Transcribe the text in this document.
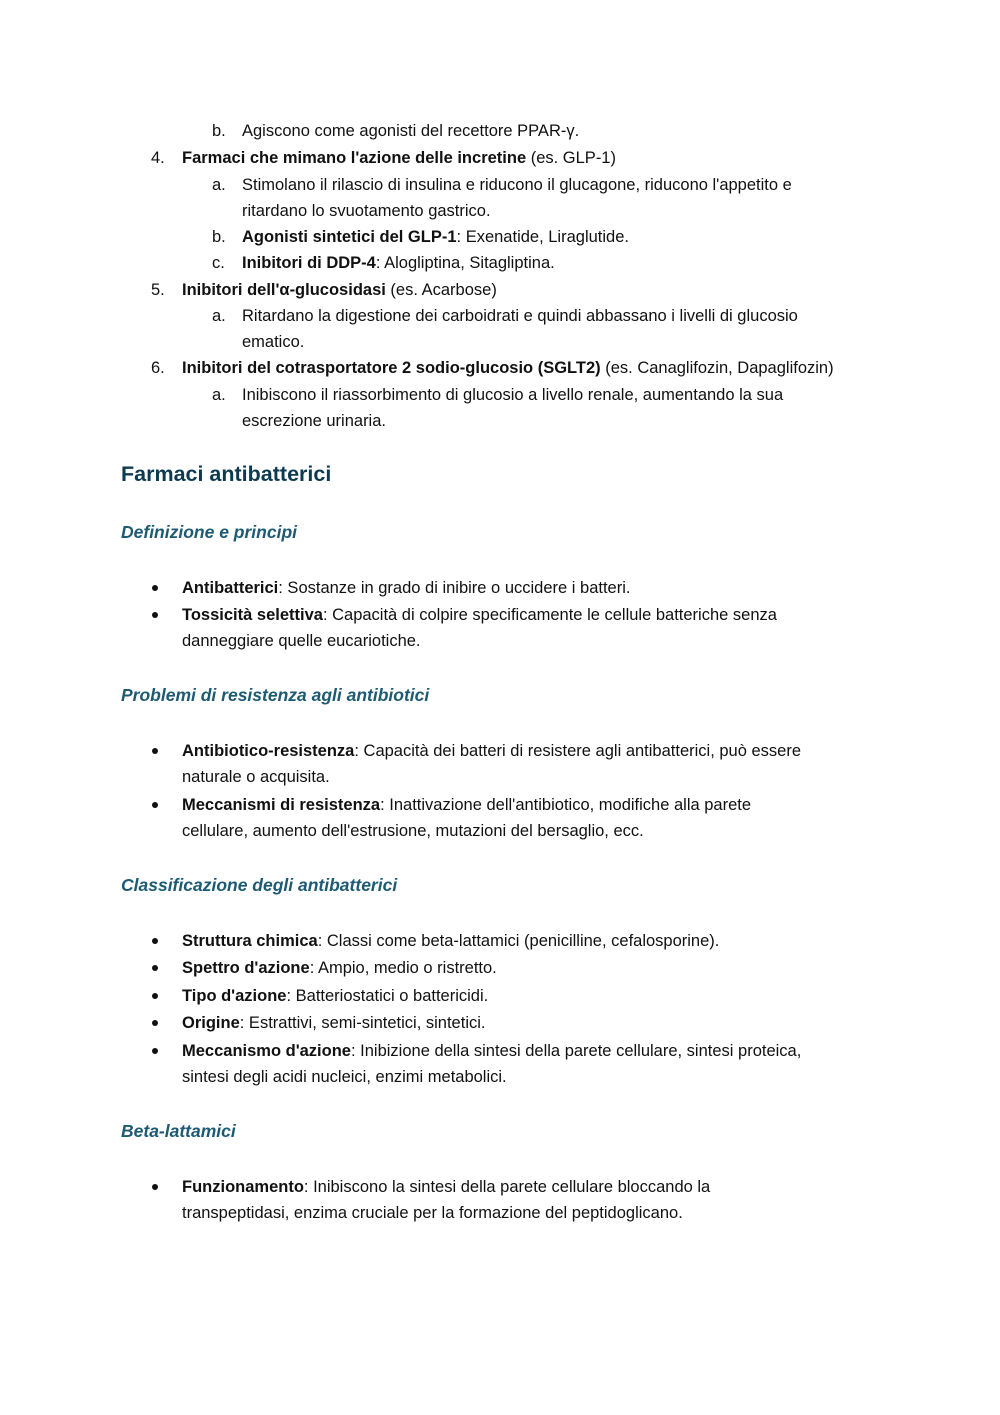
b. Agiscono come agonisti del recettore PPAR-γ.
4.	Farmaci che mimano l'azione delle incretine (es. GLP-1)
a. Stimolano il rilascio di insulina e riducono il glucagone, riducono l'appetito e
ritardano lo svuotamento gastrico.
b. Agonisti sintetici del GLP-1: Exenatide, Liraglutide.
c.	Inibitori di DDP-4: Alogliptina, Sitagliptina.
5.	Inibitori dell'α-glucosidasi (es. Acarbose)
a. Ritardano la digestione dei carboidrati e quindi abbassano i livelli di glucosio
ematico.
6.	Inibitori del cotrasportatore 2 sodio-glucosio (SGLT2) (es. Canaglifozin, Dapaglifozin)
a. Inibiscono il riassorbimento di glucosio a livello renale, aumentando la sua
escrezione urinaria.
Farmaci antibatterici
Definizione e principi
Antibatterici: Sostanze in grado di inibire o uccidere i batteri.
Tossicità selettiva: Capacità di colpire specificamente le cellule batteriche senza
danneggiare quelle eucariotiche.
Problemi di resistenza agli antibiotici
Antibiotico-resistenza: Capacità dei batteri di resistere agli antibatterici, può essere
naturale o acquisita.
Meccanismi di resistenza: Inattivazione dell'antibiotico, modifiche alla parete
cellulare, aumento dell'estrusione, mutazioni del bersaglio, ecc.
Classificazione degli antibatterici
Struttura chimica: Classi come beta-lattamici (penicilline, cefalosporine).
Spettro d'azione: Ampio, medio o ristretto.
Tipo d'azione: Batteriostatici o battericidi.
Origine: Estrattivi, semi-sintetici, sintetici.
Meccanismo d'azione: Inibizione della sintesi della parete cellulare, sintesi proteica,
sintesi degli acidi nucleici, enzimi metabolici.
Beta-lattamici
Funzionamento: Inibiscono la sintesi della parete cellulare bloccando la
transpeptidasi, enzima cruciale per la formazione del peptidoglicano.
